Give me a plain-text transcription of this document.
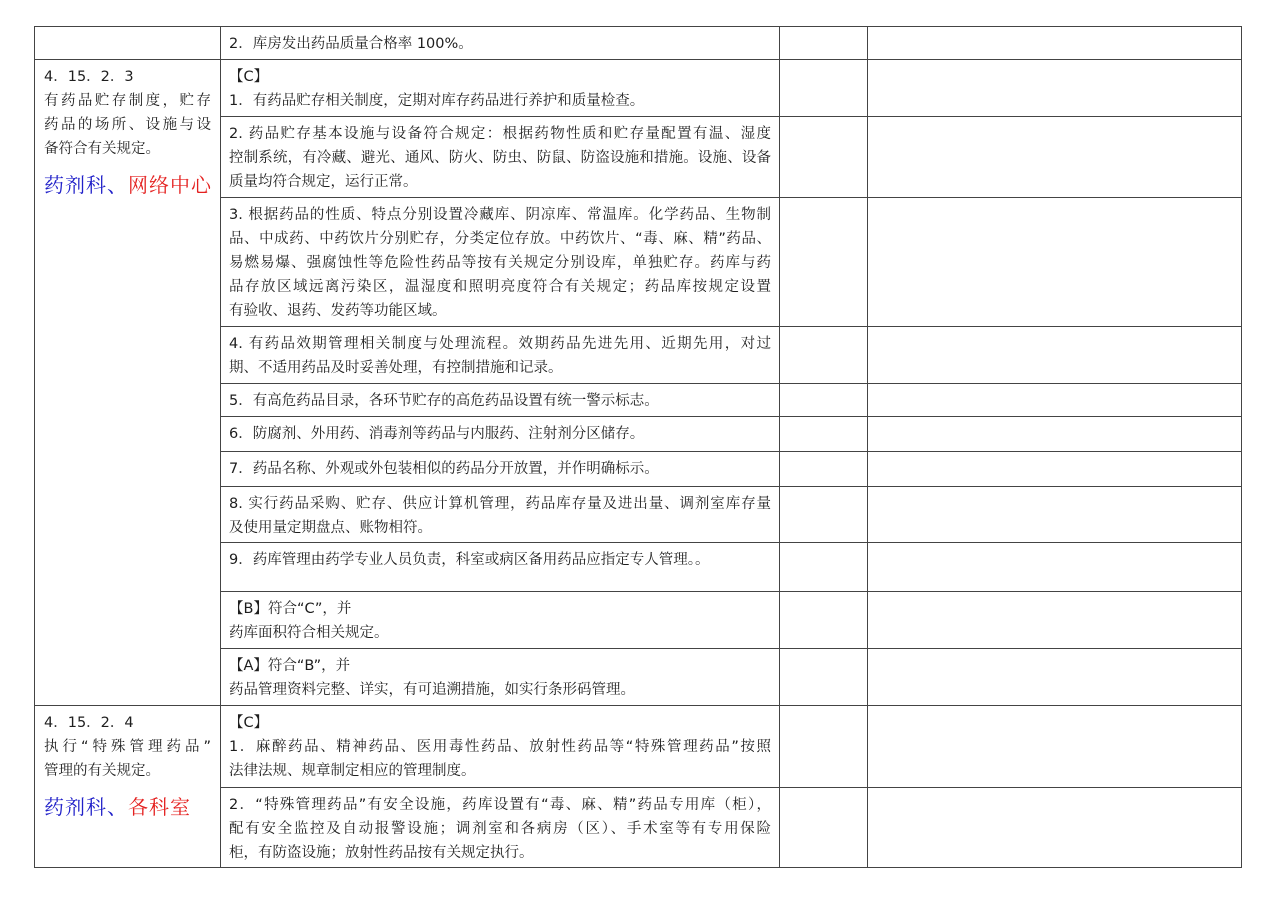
4．15．2．3
有药品贮存制度，贮存
药品的场所、设施与设
备符合有关规定。
药剂科、网络中心
4．15．2．4
执行“特殊管理药品”
管理的有关规定。
药剂科、各科室
2．库房发出药品质量合格率 100%。
【C】
1．有药品贮存相关制度，定期对库存药品进行养护和质量检查。
2. 药品贮存基本设施与设备符合规定：根据药物性质和贮存量配置有温、湿度
控制系统，有冷藏、避光、通风、防火、防虫、防鼠、防盗设施和措施。设施、设备
质量均符合规定，运行正常。
3. 根据药品的性质、特点分别设置冷藏库、阴凉库、常温库。化学药品、生物制
品、中成药、中药饮片分别贮存，分类定位存放。中药饮片、“毒、麻、精”药品、
易燃易爆、强腐蚀性等危险性药品等按有关规定分别设库，单独贮存。药库与药
品存放区域远离污染区，温湿度和照明亮度符合有关规定；药品库按规定设置
有验收、退药、发药等功能区域。
4. 有药品效期管理相关制度与处理流程。效期药品先进先用、近期先用，对过
期、不适用药品及时妥善处理，有控制措施和记录。
5．有高危药品目录，各环节贮存的高危药品设置有统一警示标志。
6．防腐剂、外用药、消毒剂等药品与内服药、注射剂分区储存。
7．药品名称、外观或外包装相似的药品分开放置，并作明确标示。
8. 实行药品采购、贮存、供应计算机管理，药品库存量及进出量、调剂室库存量
及使用量定期盘点、账物相符。
9．药库管理由药学专业人员负责，科室或病区备用药品应指定专人管理。。
【B】符合“C”，并
药库面积符合相关规定。
【A】符合“B”，并
药品管理资料完整、详实，有可追溯措施，如实行条形码管理。
【C】
1．麻醉药品、精神药品、医用毒性药品、放射性药品等“特殊管理药品”按照
法律法规、规章制定相应的管理制度。
2．“特殊管理药品”有安全设施，药库设置有“毒、麻、精”药品专用库（柜），
配有安全监控及自动报警设施；调剂室和各病房（区）、手术室等有专用保险
柜，有防盗设施；放射性药品按有关规定执行。
